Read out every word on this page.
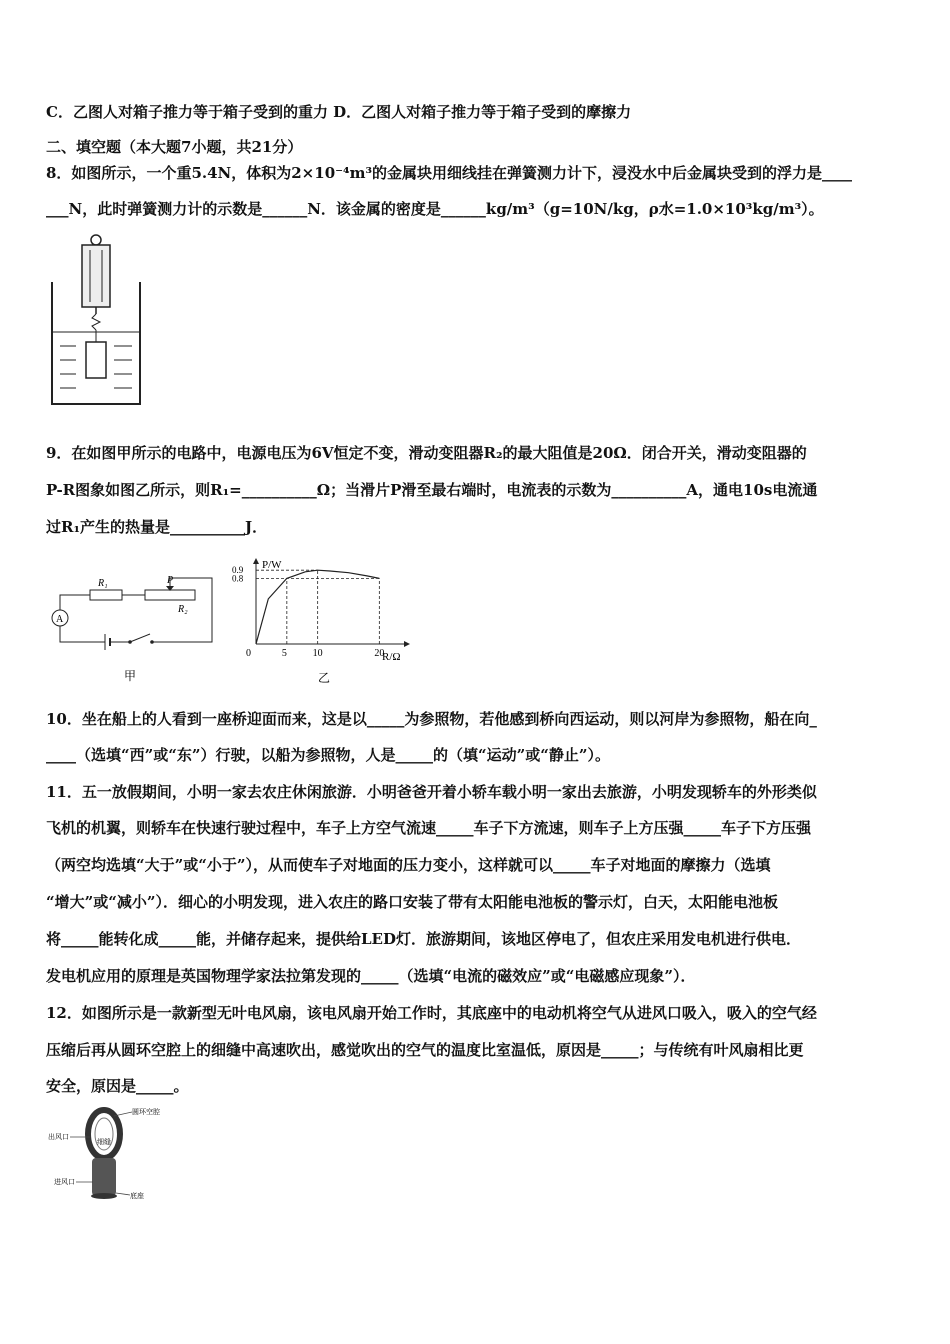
C．乙图人对箱子推力等于箱子受到的重力 D．乙图人对箱子推力等于箱子受到的摩擦力
二、填空题（本大题7小题，共21分）
8．如图所示，一个重5.4N，体积为2×10⁻⁴m³的金属块用细线挂在弹簧测力计下，浸没水中后金属块受到的浮力是____
___N，此时弹簧测力计的示数是______N．该金属的密度是______kg/m³（g=10N/kg，ρ水=1.0×10³kg/m³）。
9．在如图甲所示的电路中，电源电压为6V恒定不变，滑动变阻器R₂的最大阻值是20Ω．闭合开关，滑动变阻器的
P-R图象如图乙所示，则R₁=__________Ω；当滑片P滑至最右端时，电流表的示数为__________A，通电10s电流通
过R₁产生的热量是__________J．
A
R₁	P
R₂
甲
P/W
R/Ω
0	5	10	20
0.9
0.8
乙
10．坐在船上的人看到一座桥迎面而来，这是以_____为参照物，若他感到桥向西运动，则以河岸为参照物，船在向_
____（选填“西”或“东”）行驶，以船为参照物，人是_____的（填“运动”或“静止”）。
11．五一放假期间，小明一家去农庄休闲旅游．小明爸爸开着小轿车载小明一家出去旅游，小明发现轿车的外形类似
飞机的机翼，则轿车在快速行驶过程中，车子上方空气流速_____车子下方流速，则车子上方压强_____车子下方压强
（两空均选填“大于”或“小于”），从而使车子对地面的压力变小，这样就可以_____车子对地面的摩擦力（选填
“增大”或“减小”）．细心的小明发现，进入农庄的路口安装了带有太阳能电池板的警示灯，白天，太阳能电池板
将_____能转化成_____能，并储存起来，提供给LED灯．旅游期间，该地区停电了，但农庄采用发电机进行供电．
发电机应用的原理是英国物理学家法拉第发现的_____（选填“电流的磁效应”或“电磁感应现象”）．
12．如图所示是一款新型无叶电风扇，该电风扇开始工作时，其底座中的电动机将空气从进风口吸入，吸入的空气经
压缩后再从圆环空腔上的细缝中高速吹出，感觉吹出的空气的温度比室温低，原因是_____；与传统有叶风扇相比更
安全，原因是_____。
圆环空腔
出风口
细缝
进风口
底座
